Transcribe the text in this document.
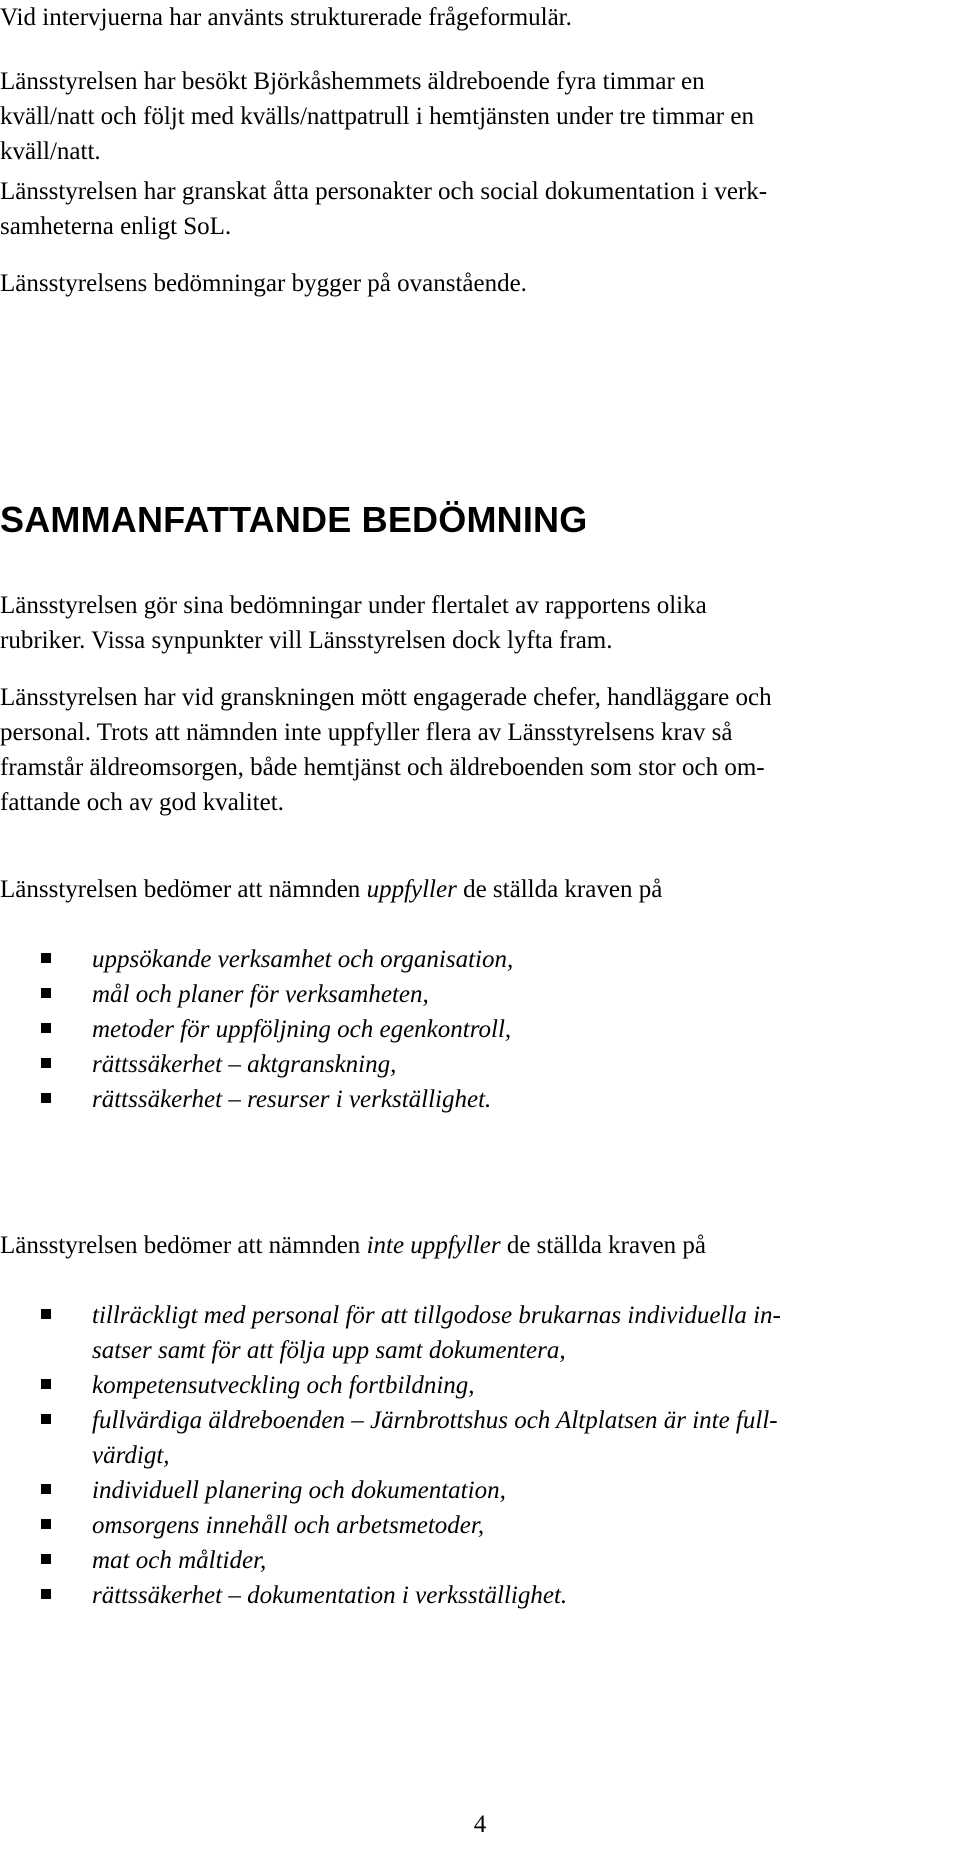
Vid intervjuerna har använts strukturerade frågeformulär.

Länsstyrelsen har besökt Björkåshemmets äldreboende fyra timmar en
kväll/natt och följt med kvälls/nattpatrull i hemtjänsten under tre timmar en
kväll/natt.

Länsstyrelsen har granskat åtta personakter och social dokumentation i verk-
samheterna enligt SoL.

Länsstyrelsens bedömningar bygger på ovanstående.

SAMMANFATTANDE BEDÖMNING

Länsstyrelsen gör sina bedömningar under flertalet av rapportens olika
rubriker. Vissa synpunkter vill Länsstyrelsen dock lyfta fram.

Länsstyrelsen har vid granskningen mött engagerade chefer, handläggare och
personal. Trots att nämnden inte uppfyller flera av Länsstyrelsens krav så
framstår äldreomsorgen, både hemtjänst och äldreboenden som stor och om-
fattande och av god kvalitet.

Länsstyrelsen bedömer att nämnden uppfyller de ställda kraven på

uppsökande verksamhet och organisation,
mål och planer för verksamheten,
metoder för uppföljning och egenkontroll,
rättssäkerhet – aktgranskning,
rättssäkerhet – resurser i verkställighet.

Länsstyrelsen bedömer att nämnden inte uppfyller de ställda kraven på

tillräckligt med personal för att tillgodose brukarnas individuella in-
satser samt för att följa upp samt dokumentera,
kompetensutveckling och fortbildning,
fullvärdiga äldreboenden – Järnbrottshus och Altplatsen är inte full-
värdigt,
individuell planering och dokumentation,
omsorgens innehåll och arbetsmetoder,
mat och måltider,
rättssäkerhet – dokumentation i verksställighet.
4
